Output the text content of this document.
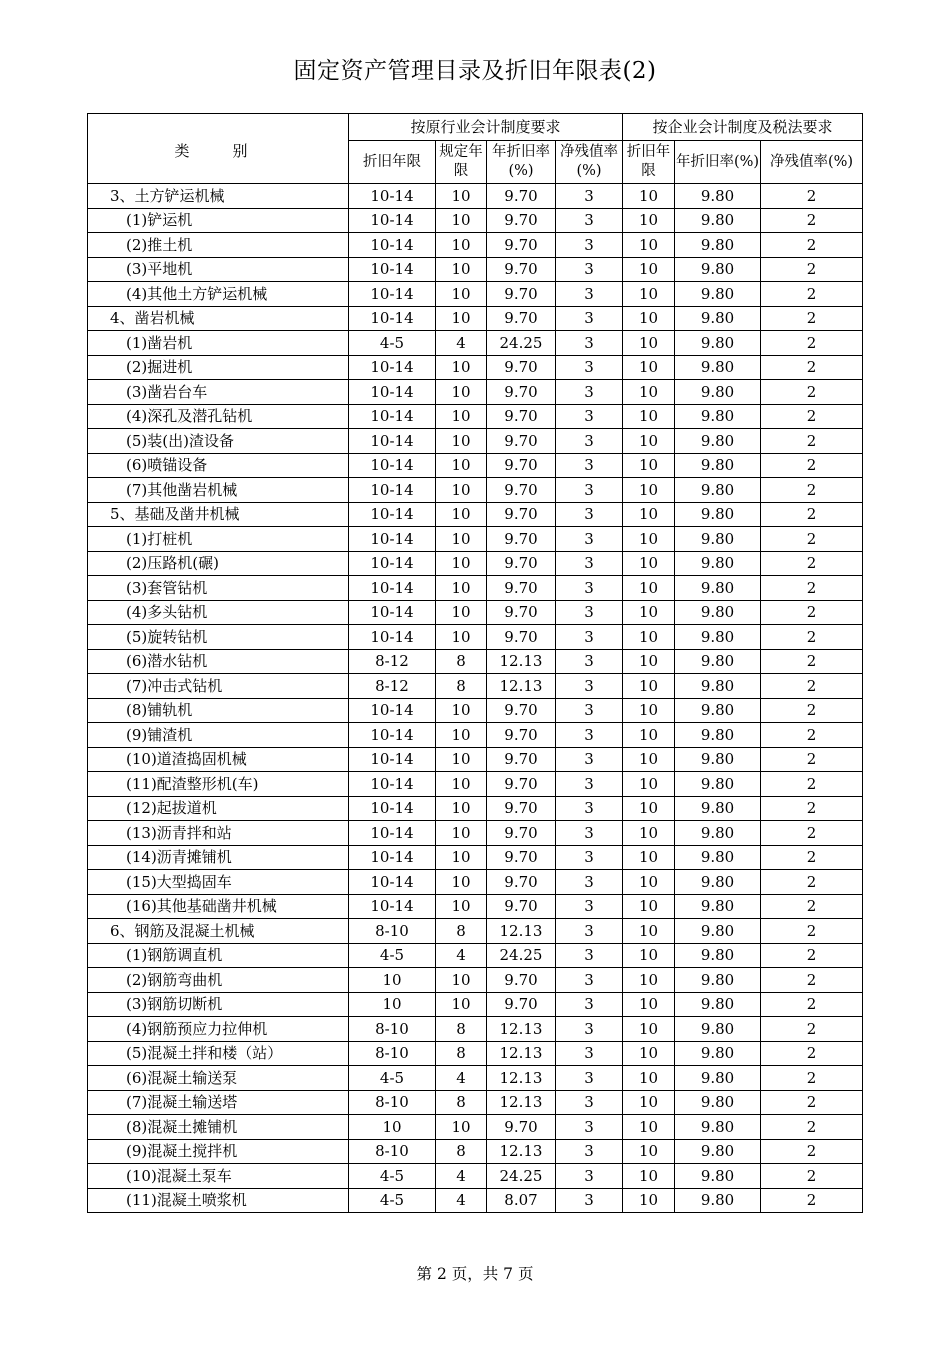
固定资产管理目录及折旧年限表(2)
类　别	按原行业会计制度要求				按企业会计制度及税法要求		
	折旧年限	规定年限	年折旧率(%)	净残值率(%)	折旧年限	年折旧率(%)	净残值率(%)
3、土方铲运机械	10-14	10	9.70	3	10	9.80	2
(1)铲运机	10-14	10	9.70	3	10	9.80	2
(2)推土机	10-14	10	9.70	3	10	9.80	2
(3)平地机	10-14	10	9.70	3	10	9.80	2
(4)其他土方铲运机械	10-14	10	9.70	3	10	9.80	2
4、凿岩机械	10-14	10	9.70	3	10	9.80	2
(1)凿岩机	4-5	4	24.25	3	10	9.80	2
(2)掘进机	10-14	10	9.70	3	10	9.80	2
(3)凿岩台车	10-14	10	9.70	3	10	9.80	2
(4)深孔及潜孔钻机	10-14	10	9.70	3	10	9.80	2
(5)装(出)渣设备	10-14	10	9.70	3	10	9.80	2
(6)喷锚设备	10-14	10	9.70	3	10	9.80	2
(7)其他凿岩机械	10-14	10	9.70	3	10	9.80	2
5、基础及凿井机械	10-14	10	9.70	3	10	9.80	2
(1)打桩机	10-14	10	9.70	3	10	9.80	2
(2)压路机(碾)	10-14	10	9.70	3	10	9.80	2
(3)套管钻机	10-14	10	9.70	3	10	9.80	2
(4)多头钻机	10-14	10	9.70	3	10	9.80	2
(5)旋转钻机	10-14	10	9.70	3	10	9.80	2
(6)潜水钻机	8-12	8	12.13	3	10	9.80	2
(7)冲击式钻机	8-12	8	12.13	3	10	9.80	2
(8)铺轨机	10-14	10	9.70	3	10	9.80	2
(9)铺渣机	10-14	10	9.70	3	10	9.80	2
(10)道渣捣固机械	10-14	10	9.70	3	10	9.80	2
(11)配渣整形机(车)	10-14	10	9.70	3	10	9.80	2
(12)起拔道机	10-14	10	9.70	3	10	9.80	2
(13)沥青拌和站	10-14	10	9.70	3	10	9.80	2
(14)沥青摊铺机	10-14	10	9.70	3	10	9.80	2
(15)大型捣固车	10-14	10	9.70	3	10	9.80	2
(16)其他基础凿井机械	10-14	10	9.70	3	10	9.80	2
6、钢筋及混凝土机械	8-10	8	12.13	3	10	9.80	2
(1)钢筋调直机	4-5	4	24.25	3	10	9.80	2
(2)钢筋弯曲机	10	10	9.70	3	10	9.80	2
(3)钢筋切断机	10	10	9.70	3	10	9.80	2
(4)钢筋预应力拉伸机	8-10	8	12.13	3	10	9.80	2
(5)混凝土拌和楼（站）	8-10	8	12.13	3	10	9.80	2
(6)混凝土输送泵	4-5	4	12.13	3	10	9.80	2
(7)混凝土输送塔	8-10	8	12.13	3	10	9.80	2
(8)混凝土摊铺机	10	10	9.70	3	10	9.80	2
(9)混凝土搅拌机	8-10	8	12.13	3	10	9.80	2
(10)混凝土泵车	4-5	4	24.25	3	10	9.80	2
(11)混凝土喷浆机	4-5	4	8.07	3	10	9.80	2
第 2 页，共 7 页
